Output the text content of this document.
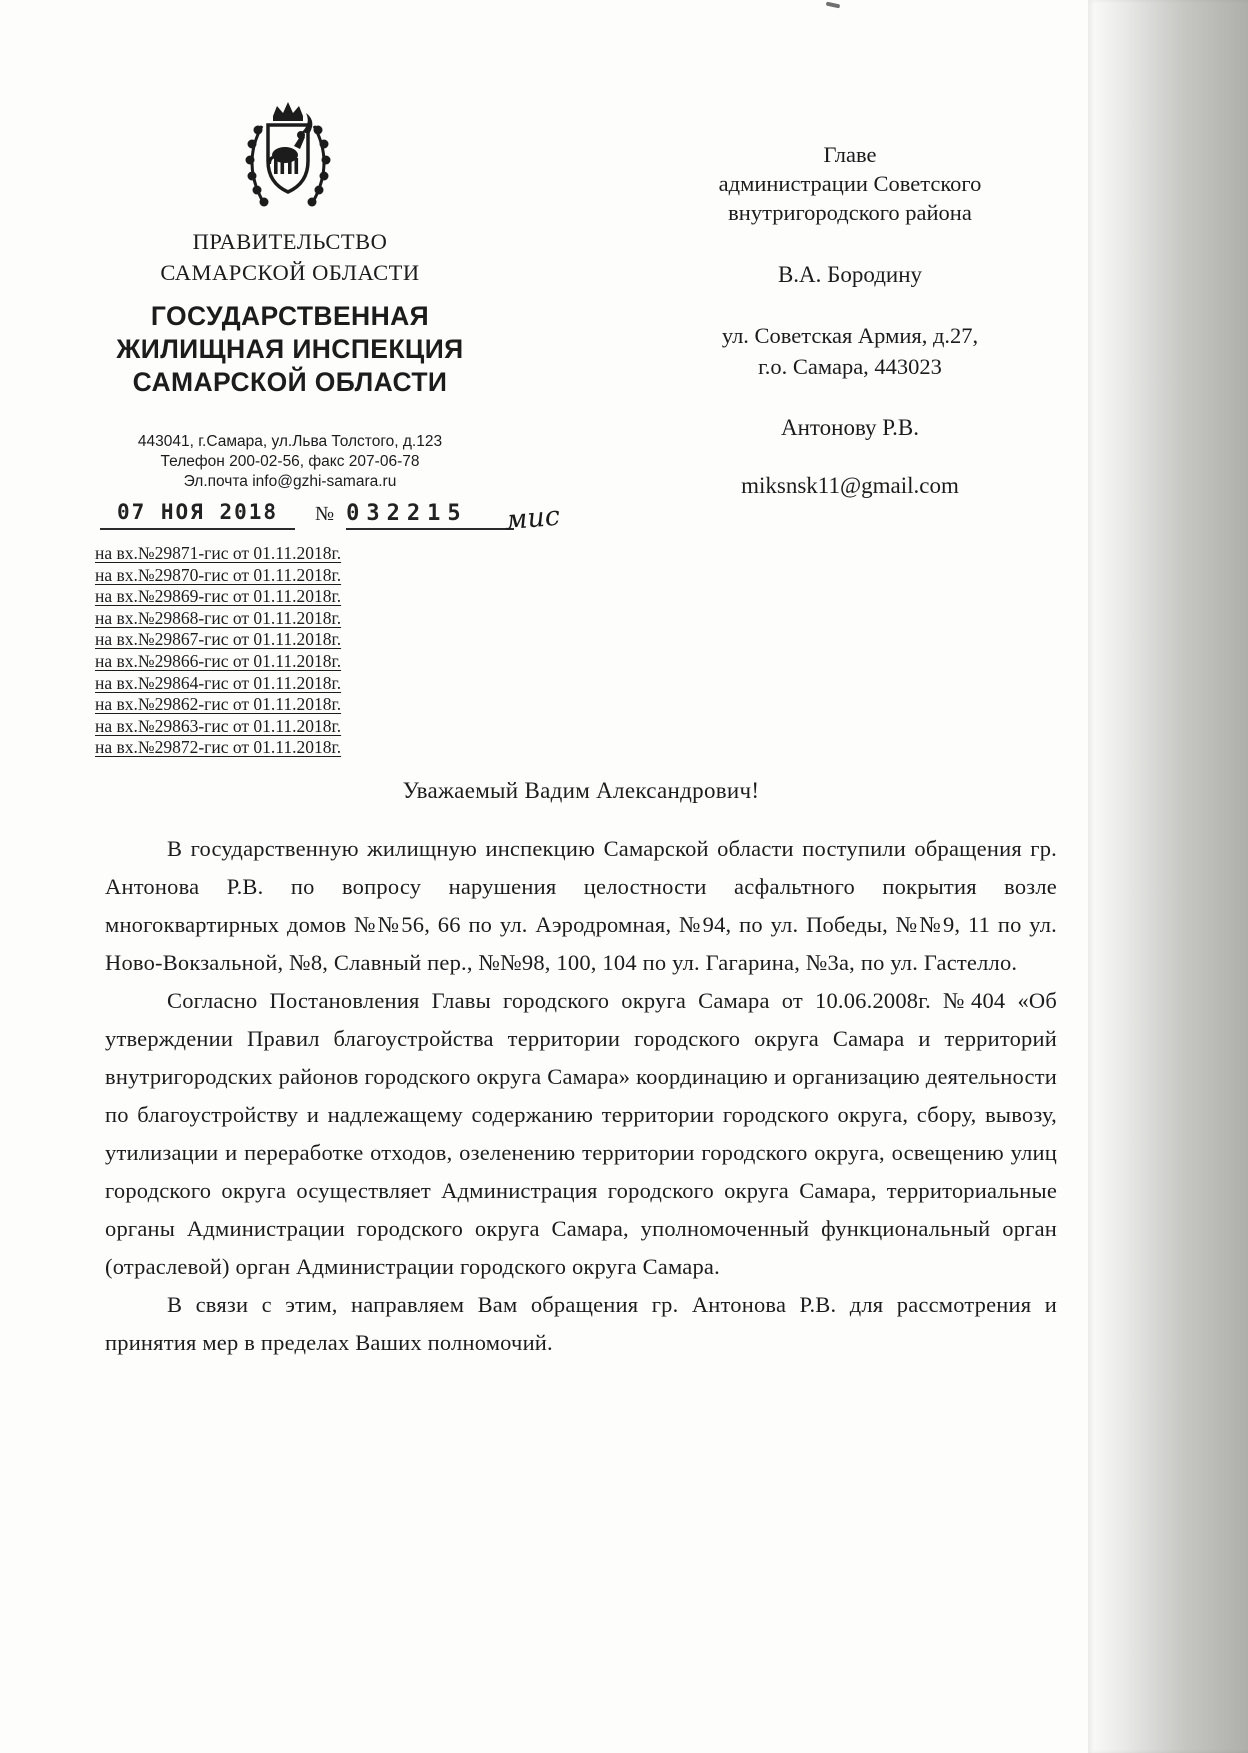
ПРАВИТЕЛЬСТВО
САМАРСКОЙ ОБЛАСТИ
ГОСУДАРСТВЕННАЯ
ЖИЛИЩНАЯ ИНСПЕКЦИЯ
САМАРСКОЙ ОБЛАСТИ
443041, г.Самара, ул.Льва Толстого, д.123
Телефон 200-02-56, факс 207-06-78
Эл.почта info@gzhi-samara.ru
07 НОЯ 2018 № 032215 мис
на вх.№29871-гис от 01.11.2018г.
на вх.№29870-гис от 01.11.2018г.
на вх.№29869-гис от 01.11.2018г.
на вх.№29868-гис от 01.11.2018г.
на вх.№29867-гис от 01.11.2018г.
на вх.№29866-гис от 01.11.2018г.
на вх.№29864-гис от 01.11.2018г.
на вх.№29862-гис от 01.11.2018г.
на вх.№29863-гис от 01.11.2018г.
на вх.№29872-гис от 01.11.2018г.
Главе
администрации Советского
внутригородского района
В.А. Бородину
ул. Советская Армия, д.27,
г.о. Самара, 443023
Антонову Р.В.
miksnsk11@gmail.com
Уважаемый Вадим Александрович!

В государственную жилищную инспекцию Самарской области поступили обращения гр. Антонова Р.В. по вопросу нарушения целостности асфальтного покрытия возле многоквартирных домов №№56, 66 по ул. Аэродромная, №94, по ул. Победы, №№9, 11 по ул. Ново-Вокзальной, №8, Славный пер., №№98, 100, 104 по ул. Гагарина, №3а, по ул. Гастелло.

Согласно Постановления Главы городского округа Самара от 10.06.2008г. №404 «Об утверждении Правил благоустройства территории городского округа Самара и территорий внутригородских районов городского округа Самара» координацию и организацию деятельности по благоустройству и надлежащему содержанию территории городского округа, сбору, вывозу, утилизации и переработке отходов, озеленению территории городского округа, освещению улиц городского округа осуществляет Администрация городского округа Самара, территориальные органы Администрации городского округа Самара, уполномоченный функциональный орган (отраслевой) орган Администрации городского округа Самара.

В связи с этим, направляем Вам обращения гр. Антонова Р.В. для рассмотрения и принятия мер в пределах Ваших полномочий.
